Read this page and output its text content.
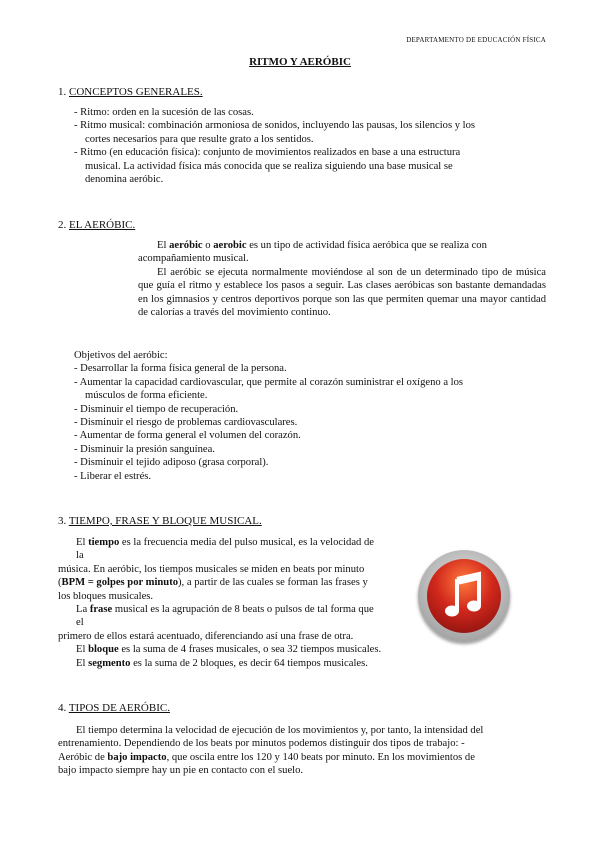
DEPARTAMENTO DE EDUCACIÓN FÍSICA
RITMO Y AERÓBIC
1. CONCEPTOS GENERALES.
- Ritmo: orden en la sucesión de las cosas.
- Ritmo musical: combinación armoniosa de sonidos, incluyendo las pausas, los silencios y los
cortes necesarios para que resulte grato a los sentidos.
- Ritmo (en educación física): conjunto de movimientos realizados en base a una estructura
musical. La actividad física más conocida que se realiza siguiendo una base musical se
denomina aeróbic.
2. EL AERÓBIC.
El aeróbic o aerobic es un tipo de actividad física aeróbica que se realiza con
acompañamiento musical.
El aeróbic se ejecuta normalmente moviéndose al son de un determinado tipo de música que guía el ritmo y establece los pasos a seguir. Las clases aeróbicas son bastante demandadas en los gimnasios y centros deportivos porque son las que permiten quemar una mayor cantidad de calorías a través del movimiento continuo.
Objetivos del aeróbic:
- Desarrollar la forma física general de la persona.
- Aumentar la capacidad cardiovascular, que permite al corazón suministrar el oxígeno a los
músculos de forma eficiente.
- Disminuir el tiempo de recuperación.
- Disminuir el riesgo de problemas cardiovasculares.
- Aumentar de forma general el volumen del corazón.
- Disminuir la presión sanguínea.
- Disminuir el tejido adiposo (grasa corporal).
- Liberar el estrés.
3. TIEMPO, FRASE Y BLOQUE MUSICAL.
El tiempo es la frecuencia media del pulso musical, es la velocidad de
la
música. En aeróbic, los tiempos musicales se miden en beats por minuto
(BPM = golpes por minuto), a partir de las cuales se forman las frases y
los bloques musicales.
La frase musical es la agrupación de 8 beats o pulsos de tal forma que
el
primero de ellos estará acentuado, diferenciando así una frase de otra.
El bloque es la suma de 4 frases musicales, o sea 32 tiempos musicales.
El segmento es la suma de 2 bloques, es decir 64 tiempos musicales.
4. TIPOS DE AERÓBIC.
El tiempo determina la velocidad de ejecución de los movimientos y, por tanto, la intensidad del
entrenamiento. Dependiendo de los beats por minutos podemos distinguir dos tipos de trabajo: -
Aeróbic de bajo impacto, que oscila entre los 120 y 140 beats por minuto. En los movimientos de
bajo impacto siempre hay un pie en contacto con el suelo.
